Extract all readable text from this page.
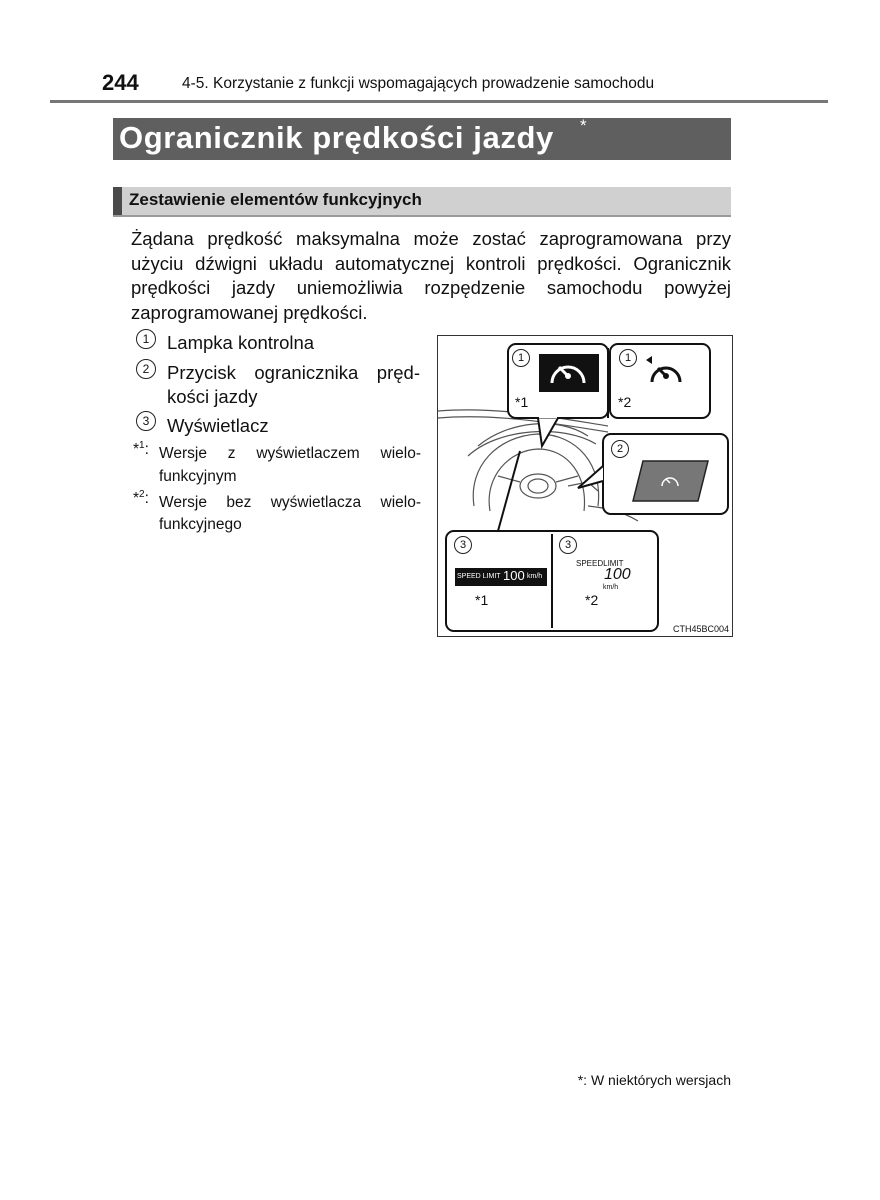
244	4-5. Korzystanie z funkcji wspomagających prowadzenie samochodu
Ogranicznik prędkości jazdy *
Zestawienie elementów funkcyjnych
Żądana prędkość maksymalna może zostać zaprogramowana przy użyciu dźwigni układu automatycznej kontroli prędkości. Ogranicznik prędkości jazdy uniemożliwia rozpędzenie samochodu powyżej zaprogramowanej prędkości.
1 Lampka kontrolna
2 Przycisk ogranicznika pręd-
kości jazdy
3 Wyświetlacz
*$^1$: Wersje z wyświetlaczem wielo-
funkcyjnym
*$^2$: Wersje bez wyświetlacza wielo-
funkcyjnego
1	1
2
3	3
*1	*2
*1	*2
SPEED LIMIT 100 km/h
SPEEDLIMIT
100
km/h
CTH45BC004
*: W niektórych wersjach
